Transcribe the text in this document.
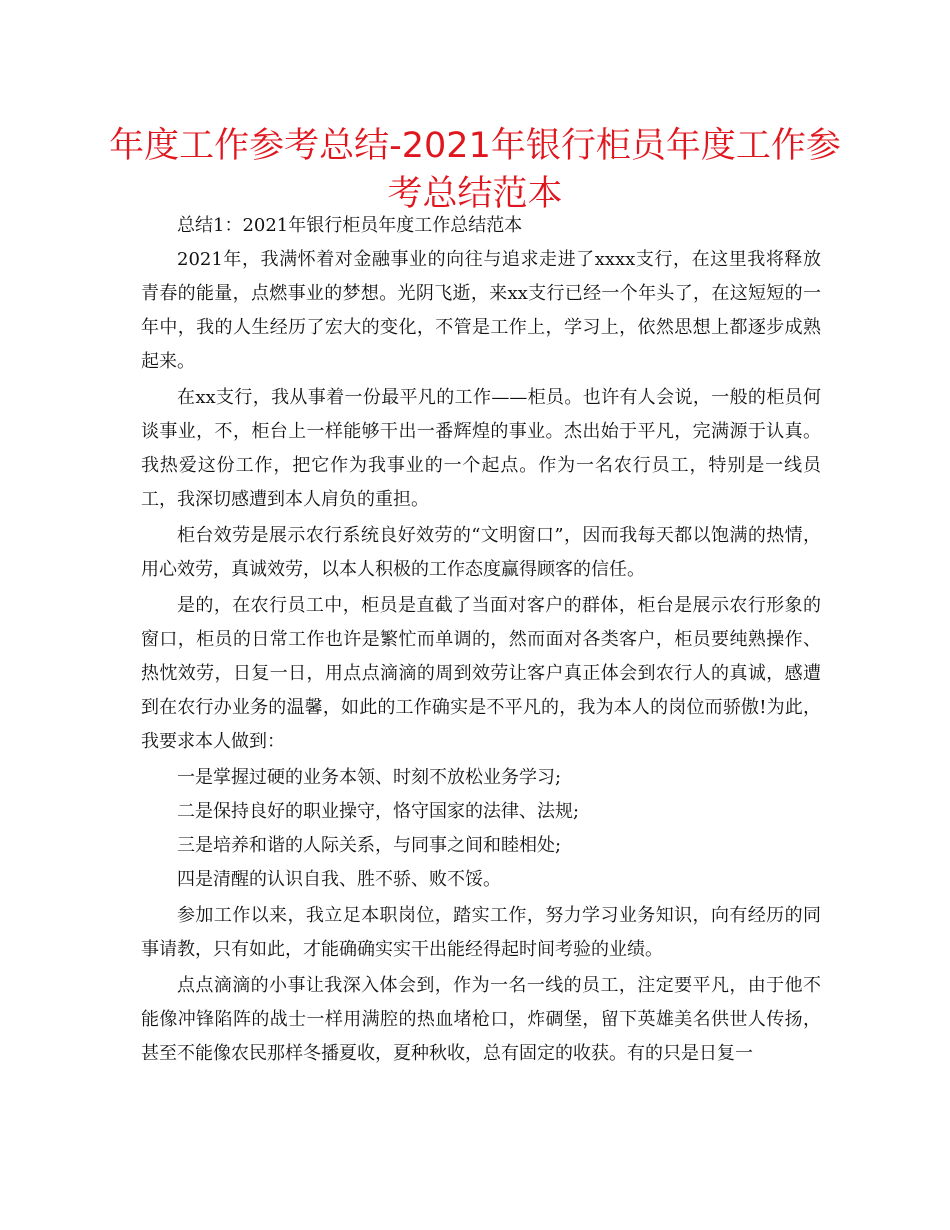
年度工作参考总结-2021年银行柜员年度工作参考总结范本

总结1：2021年银行柜员年度工作总结范本

2021年，我满怀着对金融事业的向往与追求走进了xxxx支行，在这里我将释放青春的能量，点燃事业的梦想。光阴飞逝，来xx支行已经一个年头了，在这短短的一年中，我的人生经历了宏大的变化，不管是工作上，学习上，依然思想上都逐步成熟起来。

在xx支行，我从事着一份最平凡的工作——柜员。也许有人会说，一般的柜员何谈事业，不，柜台上一样能够干出一番辉煌的事业。杰出始于平凡，完满源于认真。我热爱这份工作，把它作为我事业的一个起点。作为一名农行员工，特别是一线员工，我深切感遭到本人肩负的重担。

柜台效劳是展示农行系统良好效劳的“文明窗口”，因而我每天都以饱满的热情，用心效劳，真诚效劳，以本人积极的工作态度赢得顾客的信任。

是的，在农行员工中，柜员是直截了当面对客户的群体，柜台是展示农行形象的窗口，柜员的日常工作也许是繁忙而单调的，然而面对各类客户，柜员要纯熟操作、热忱效劳，日复一日，用点点滴滴的周到效劳让客户真正体会到农行人的真诚，感遭到在农行办业务的温馨，如此的工作确实是不平凡的，我为本人的岗位而骄傲!为此，我要求本人做到：

一是掌握过硬的业务本领、时刻不放松业务学习;

二是保持良好的职业操守，恪守国家的法律、法规;

三是培养和谐的人际关系，与同事之间和睦相处;

四是清醒的认识自我、胜不骄、败不馁。

参加工作以来，我立足本职岗位，踏实工作，努力学习业务知识，向有经历的同事请教，只有如此，才能确确实实干出能经得起时间考验的业绩。

点点滴滴的小事让我深入体会到，作为一名一线的员工，注定要平凡，由于他不能像冲锋陷阵的战士一样用满腔的热血堵枪口，炸碉堡，留下英雄美名供世人传扬，甚至不能像农民那样冬播夏收，夏种秋收，总有固定的收获。有的只是日复一
